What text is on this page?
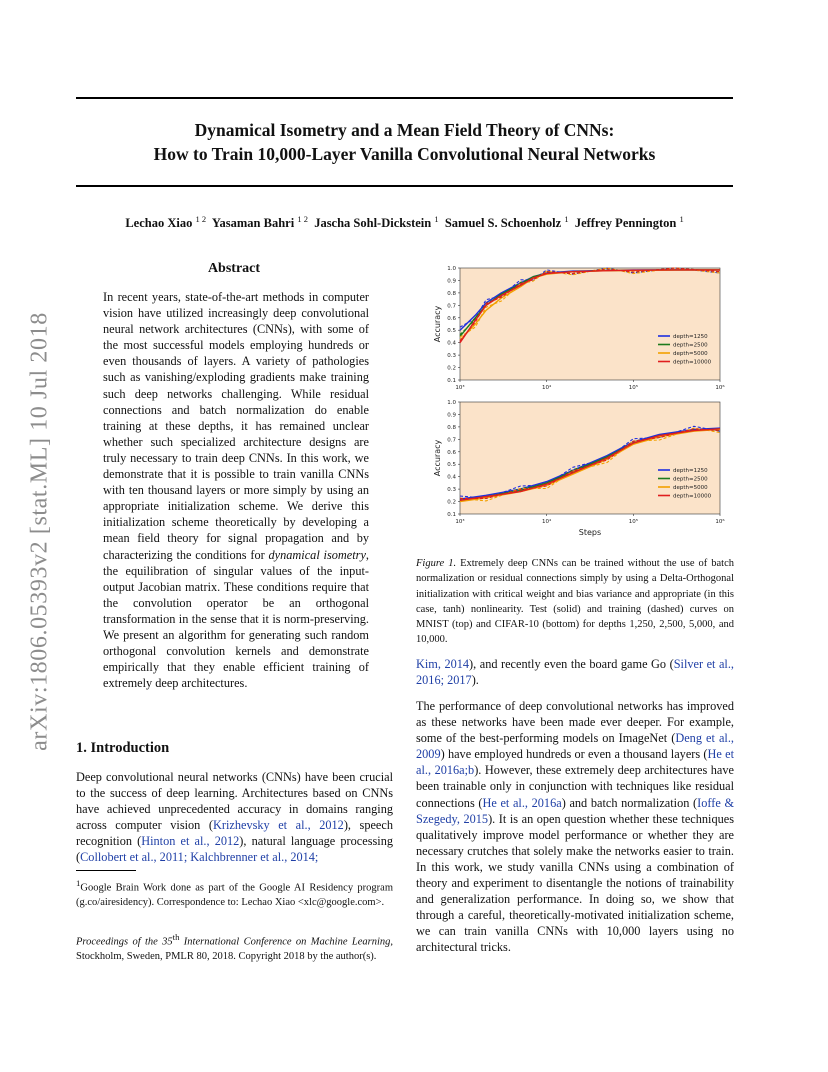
Dynamical Isometry and a Mean Field Theory of CNNs:
How to Train 10,000-Layer Vanilla Convolutional Neural Networks
Lechao Xiao $^{1 2}$ Yasaman Bahri $^{1 2}$ Jascha Sohl-Dickstein $^1$ Samuel S. Schoenholz $^1$ Jeffrey Pennington $^1$
arXiv:1806.05393v2 [stat.ML] 10 Jul 2018
Abstract
In recent years, state-of-the-art methods in computer vision have utilized increasingly deep convolutional neural network architectures (CNNs), with some of the most successful models employing hundreds or even thousands of layers. A variety of pathologies such as vanishing/exploding gradients make training such deep networks challenging. While residual connections and batch normalization do enable training at these depths, it has remained unclear whether such specialized architecture designs are truly necessary to train deep CNNs. In this work, we demonstrate that it is possible to train vanilla CNNs with ten thousand layers or more simply by using an appropriate initialization scheme. We derive this initialization scheme theoretically by developing a mean field theory for signal propagation and by characterizing the conditions for dynamical isometry, the equilibration of singular values of the input-output Jacobian matrix. These conditions require that the convolution operator be an orthogonal transformation in the sense that it is norm-preserving. We present an algorithm for generating such random orthogonal convolution kernels and demonstrate empirically that they enable efficient training of extremely deep architectures.
1. Introduction
Deep convolutional neural networks (CNNs) have been crucial to the success of deep learning. Architectures based on CNNs have achieved unprecedented accuracy in domains ranging across computer vision (Krizhevsky et al., 2012), speech recognition (Hinton et al., 2012), natural language processing (Collobert et al., 2011; Kalchbrenner et al., 2014;
$^1$Google Brain Work done as part of the Google AI Residency program (g.co/airesidency). Correspondence to: Lechao Xiao <xlc@google.com>.
Proceedings of the 35th International Conference on Machine Learning, Stockholm, Sweden, PMLR 80, 2018. Copyright 2018 by the author(s).
0.1
0.2
0.3
0.4
0.5
0.6
0.7
0.8
0.9
1.0
10³	10⁴	10⁵	10⁶
Accuracy	depth=1250
depth=2500
depth=5000
depth=10000
0.1
0.2
0.3
0.4
0.5
0.6
0.7
0.8
0.9
1.0
10³	10⁴	10⁵	10⁶
Accuracy
Steps
depth=1250
depth=2500
depth=5000
depth=10000
Figure 1. Extremely deep CNNs can be trained without the use of batch normalization or residual connections simply by using a Delta-Orthogonal initialization with critical weight and bias variance and appropriate (in this case, tanh) nonlinearity. Test (solid) and training (dashed) curves on MNIST (top) and CIFAR-10 (bottom) for depths 1,250, 2,500, 5,000, and 10,000.
Kim, 2014), and recently even the board game Go (Silver et al., 2016; 2017).
The performance of deep convolutional networks has improved as these networks have been made ever deeper. For example, some of the best-performing models on ImageNet (Deng et al., 2009) have employed hundreds or even a thousand layers (He et al., 2016a;b). However, these extremely deep architectures have been trainable only in conjunction with techniques like residual connections (He et al., 2016a) and batch normalization (Ioffe & Szegedy, 2015). It is an open question whether these techniques qualitatively improve model performance or whether they are necessary crutches that solely make the networks easier to train. In this work, we study vanilla CNNs using a combination of theory and experiment to disentangle the notions of trainability and generalization performance. In doing so, we show that through a careful, theoretically-motivated initialization scheme, we can train vanilla CNNs with 10,000 layers using no architectural tricks.
